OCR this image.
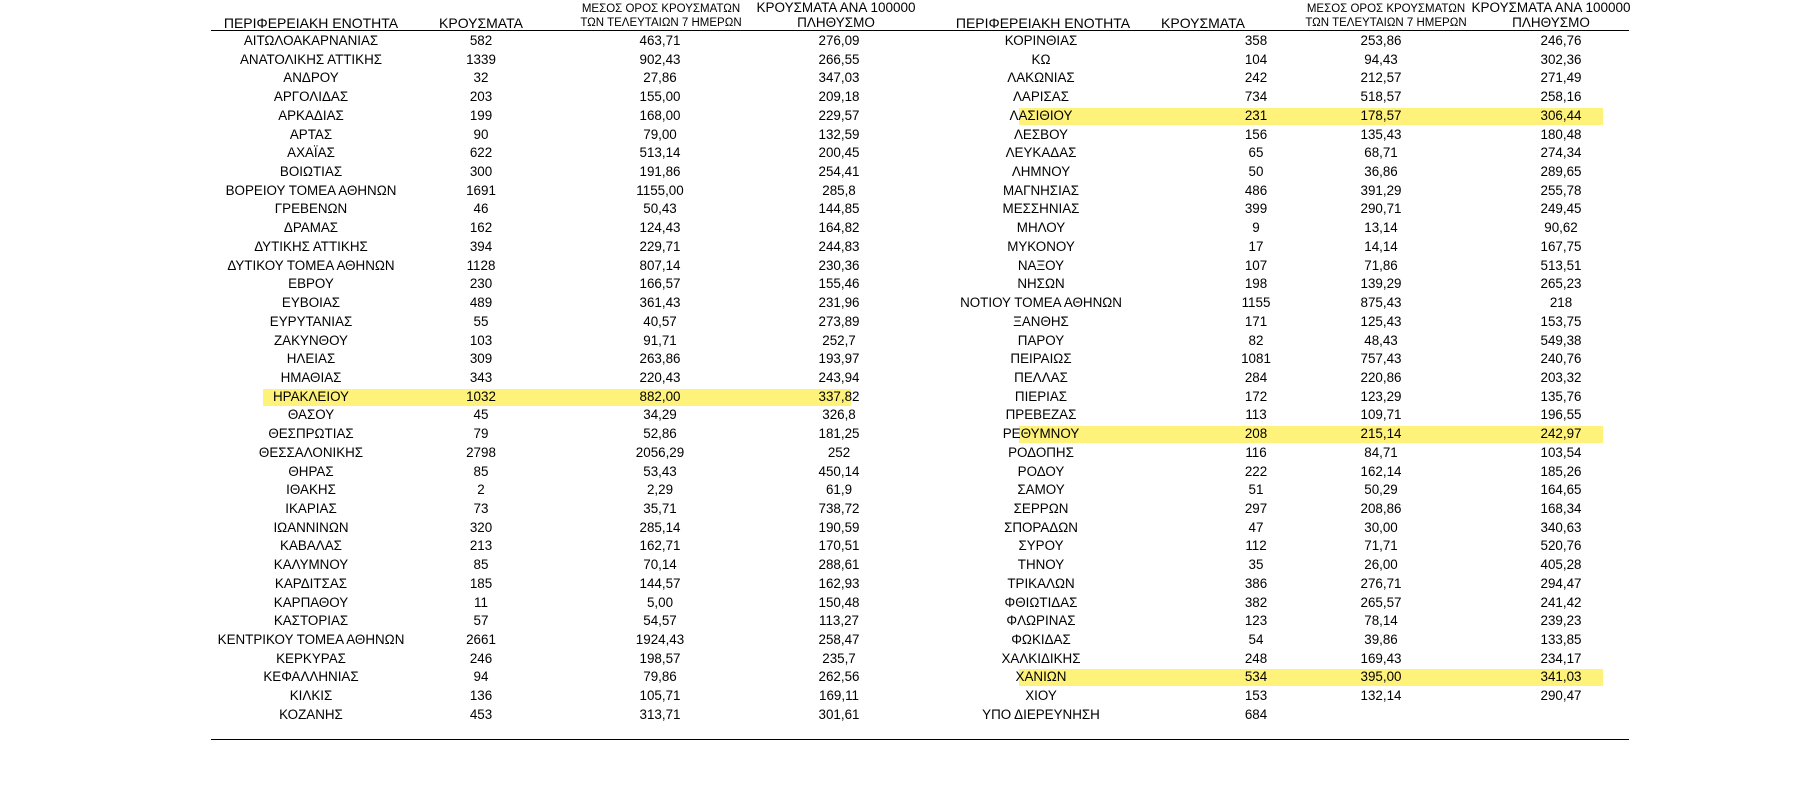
ΠΕΡΙΦΕΡΕΙΑΚΗ ΕΝΟΤΗΤΑ	ΚΡΟΥΣΜΑΤΑ
ΜΕΣΟΣ ΟΡΟΣ ΚΡΟΥΣΜΑΤΩΝ
ΤΩΝ ΤΕΛΕΥΤΑΙΩΝ 7 ΗΜΕΡΩΝ
ΚΡΟΥΣΜΑΤΑ ΑΝΑ 100000
ΠΛΗΘΥΣΜΟ	ΠΕΡΙΦΕΡΕΙΑΚΗ ΕΝΟΤΗΤΑ	ΚΡΟΥΣΜΑΤΑ
ΜΕΣΟΣ ΟΡΟΣ ΚΡΟΥΣΜΑΤΩΝ
ΤΩΝ ΤΕΛΕΥΤΑΙΩΝ 7 ΗΜΕΡΩΝ
ΚΡΟΥΣΜΑΤΑ ΑΝΑ 100000
ΠΛΗΘΥΣΜΟ
ΑΙΤΩΛΟΑΚΑΡΝΑΝΙΑΣ	582	463,71	276,09
ΑΝΑΤΟΛΙΚΗΣ ΑΤΤΙΚΗΣ	1339	902,43	266,55
ΑΝΔΡΟΥ	32	27,86	347,03
ΑΡΓΟΛΙΔΑΣ	203	155,00	209,18
ΑΡΚΑΔΙΑΣ	199	168,00	229,57
ΑΡΤΑΣ	90	79,00	132,59
ΑΧΑΪΑΣ	622	513,14	200,45
ΒΟΙΩΤΙΑΣ	300	191,86	254,41
ΒΟΡΕΙΟΥ ΤΟΜΕΑ ΑΘΗΝΩΝ	1691	1155,00	285,8
ΓΡΕΒΕΝΩΝ	46	50,43	144,85
ΔΡΑΜΑΣ	162	124,43	164,82
ΔΥΤΙΚΗΣ ΑΤΤΙΚΗΣ	394	229,71	244,83
ΔΥΤΙΚΟΥ ΤΟΜΕΑ ΑΘΗΝΩΝ	1128	807,14	230,36
ΕΒΡΟΥ	230	166,57	155,46
ΕΥΒΟΙΑΣ	489	361,43	231,96
ΕΥΡΥΤΑΝΙΑΣ	55	40,57	273,89
ΖΑΚΥΝΘΟΥ	103	91,71	252,7
ΗΛΕΙΑΣ	309	263,86	193,97
ΗΜΑΘΙΑΣ	343	220,43	243,94
ΗΡΑΚΛΕΙΟΥ	1032	882,00	337,82
ΘΑΣΟΥ	45	34,29	326,8
ΘΕΣΠΡΩΤΙΑΣ	79	52,86	181,25
ΘΕΣΣΑΛΟΝΙΚΗΣ	2798	2056,29	252
ΘΗΡΑΣ	85	53,43	450,14
ΙΘΑΚΗΣ	2	2,29	61,9
ΙΚΑΡΙΑΣ	73	35,71	738,72
ΙΩΑΝΝΙΝΩΝ	320	285,14	190,59
ΚΑΒΑΛΑΣ	213	162,71	170,51
ΚΑΛΥΜΝΟΥ	85	70,14	288,61
ΚΑΡΔΙΤΣΑΣ	185	144,57	162,93
ΚΑΡΠΑΘΟΥ	11	5,00	150,48
ΚΑΣΤΟΡΙΑΣ	57	54,57	113,27
ΚΕΝΤΡΙΚΟΥ ΤΟΜΕΑ ΑΘΗΝΩΝ	2661	1924,43	258,47
ΚΕΡΚΥΡΑΣ	246	198,57	235,7
ΚΕΦΑΛΛΗΝΙΑΣ	94	79,86	262,56
ΚΙΛΚΙΣ	136	105,71	169,11
ΚΟΖΑΝΗΣ	453	313,71	301,61
ΚΟΡΙΝΘΙΑΣ	358	253,86	246,76
ΚΩ	104	94,43	302,36
ΛΑΚΩΝΙΑΣ	242	212,57	271,49
ΛΑΡΙΣΑΣ	734	518,57	258,16
ΛΑΣΙΘΙΟΥ	231	178,57	306,44
ΛΕΣΒΟΥ	156	135,43	180,48
ΛΕΥΚΑΔΑΣ	65	68,71	274,34
ΛΗΜΝΟΥ	50	36,86	289,65
ΜΑΓΝΗΣΙΑΣ	486	391,29	255,78
ΜΕΣΣΗΝΙΑΣ	399	290,71	249,45
ΜΗΛΟΥ	9	13,14	90,62
ΜΥΚΟΝΟΥ	17	14,14	167,75
ΝΑΞΟΥ	107	71,86	513,51
ΝΗΣΩΝ	198	139,29	265,23
ΝΟΤΙΟΥ ΤΟΜΕΑ ΑΘΗΝΩΝ	1155	875,43	218
ΞΑΝΘΗΣ	171	125,43	153,75
ΠΑΡΟΥ	82	48,43	549,38
ΠΕΙΡΑΙΩΣ	1081	757,43	240,76
ΠΕΛΛΑΣ	284	220,86	203,32
ΠΙΕΡΙΑΣ	172	123,29	135,76
ΠΡΕΒΕΖΑΣ	113	109,71	196,55
ΡΕΘΥΜΝΟΥ	208	215,14	242,97
ΡΟΔΟΠΗΣ	116	84,71	103,54
ΡΟΔΟΥ	222	162,14	185,26
ΣΑΜΟΥ	51	50,29	164,65
ΣΕΡΡΩΝ	297	208,86	168,34
ΣΠΟΡΑΔΩΝ	47	30,00	340,63
ΣΥΡΟΥ	112	71,71	520,76
ΤΗΝΟΥ	35	26,00	405,28
ΤΡΙΚΑΛΩΝ	386	276,71	294,47
ΦΘΙΩΤΙΔΑΣ	382	265,57	241,42
ΦΛΩΡΙΝΑΣ	123	78,14	239,23
ΦΩΚΙΔΑΣ	54	39,86	133,85
ΧΑΛΚΙΔΙΚΗΣ	248	169,43	234,17
ΧΑΝΙΩΝ	534	395,00	341,03
ΧΙΟΥ	153	132,14	290,47
ΥΠΟ ΔΙΕΡΕΥΝΗΣΗ	684
